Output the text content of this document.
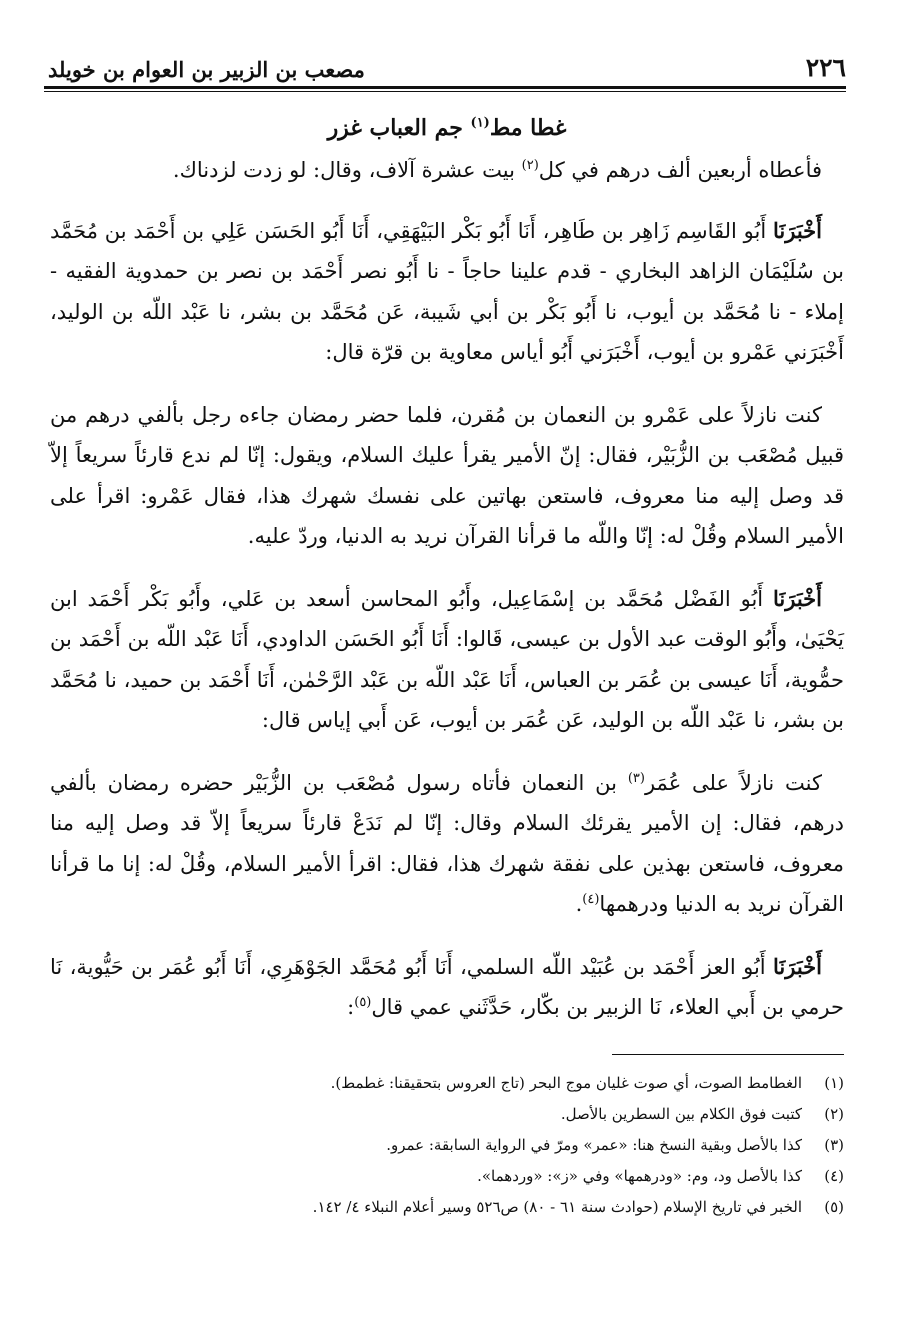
٢٢٦
مصعب بن الزبير بن العوام بن خويلد

غطا مط$^{(١)}$ جم العباب غزر

فأعطاه أربعين ألف درهم في كل$^{(٢)}$ بيت عشرة آلاف، وقال: لو زدت لزدناك.

أَخْبَرَنَا أَبُو القَاسِم زَاهِر بن طَاهِر، أَنَا أَبُو بَكْر البَيْهَقِي، أَنَا أَبُو الحَسَن عَلِي بن أَحْمَد بن مُحَمَّد بن سُلَيْمَان الزاهد البخاري - قدم علينا حاجاً - نا أَبُو نصر أَحْمَد بن نصر بن حمدوية الفقيه - إملاء - نا مُحَمَّد بن أيوب، نا أَبُو بَكْر بن أبي شَيبة، عَن مُحَمَّد بن بشر، نا عَبْد اللّه بن الوليد، أَخْبَرَني عَمْرو بن أيوب، أَخْبَرَني أَبُو أياس معاوية بن قرّة قال:

كنت نازلاً على عَمْرو بن النعمان بن مُقرن، فلما حضر رمضان جاءه رجل بألفي درهم من قبيل مُصْعَب بن الزُّبَيْر، فقال: إنّ الأمير يقرأ عليك السلام، ويقول: إنّا لم ندع قارئاً سريعاً إلاّ قد وصل إليه منا معروف، فاستعن بهاتين على نفسك شهرك هذا، فقال عَمْرو: اقرأ على الأمير السلام وقُلْ له: إنّا واللّه ما قرأنا القرآن نريد به الدنيا، وردّ عليه.

أَخْبَرَنَا أَبُو الفَضْل مُحَمَّد بن إسْمَاعِيل، وأَبُو المحاسن أسعد بن عَلي، وأَبُو بَكْر أَحْمَد ابن يَحْيَىٰ، وأَبُو الوقت عبد الأول بن عيسى، قَالوا: أَنَا أَبُو الحَسَن الداودي، أَنَا عَبْد اللّه بن أَحْمَد بن حمُّوية، أَنَا عيسى بن عُمَر بن العباس، أَنَا عَبْد اللّه بن عَبْد الرَّحْمٰن، أَنَا أَحْمَد بن حميد، نا مُحَمَّد بن بشر، نا عَبْد اللّه بن الوليد، عَن عُمَر بن أيوب، عَن أَبي إياس قال:

كنت نازلاً على عُمَر$^{(٣)}$ بن النعمان فأتاه رسول مُصْعَب بن الزُّبَيْر حضره رمضان بألفي درهم، فقال: إن الأمير يقرئك السلام وقال: إنّا لم نَدَعْ قارئاً سريعاً إلاّ قد وصل إليه منا معروف، فاستعن بهذين على نفقة شهرك هذا، فقال: اقرأ الأمير السلام، وقُلْ له: إنا ما قرأنا القرآن نريد به الدنيا ودرهمها$^{(٤)}$.

أَخْبَرَنَا أَبُو العز أَحْمَد بن عُبَيْد اللّه السلمي، أَنَا أَبُو مُحَمَّد الجَوْهَرِي، أَنَا أَبُو عُمَر بن حَيُّوية، نَا حرمي بن أَبي العلاء، نَا الزبير بن بكّار، حَدَّثَني عمي قال$^{(٥)}$:

(١)
الغطامط الصوت، أي صوت غليان موج البحر (تاج العروس بتحقيقنا: غطمط).
(٢)
كتبت فوق الكلام بين السطرين بالأصل.
(٣)
كذا بالأصل وبقية النسخ هنا: «عمر» ومرّ في الرواية السابقة: عمرو.
(٤)
كذا بالأصل ود، وم: «ودرهمها» وفي «ز»: «وردهما».
(٥)
الخبر في تاريخ الإسلام (حوادث سنة ٦١ - ٨٠) ص٥٢٦ وسير أعلام النبلاء ٤/ ١٤٢.
